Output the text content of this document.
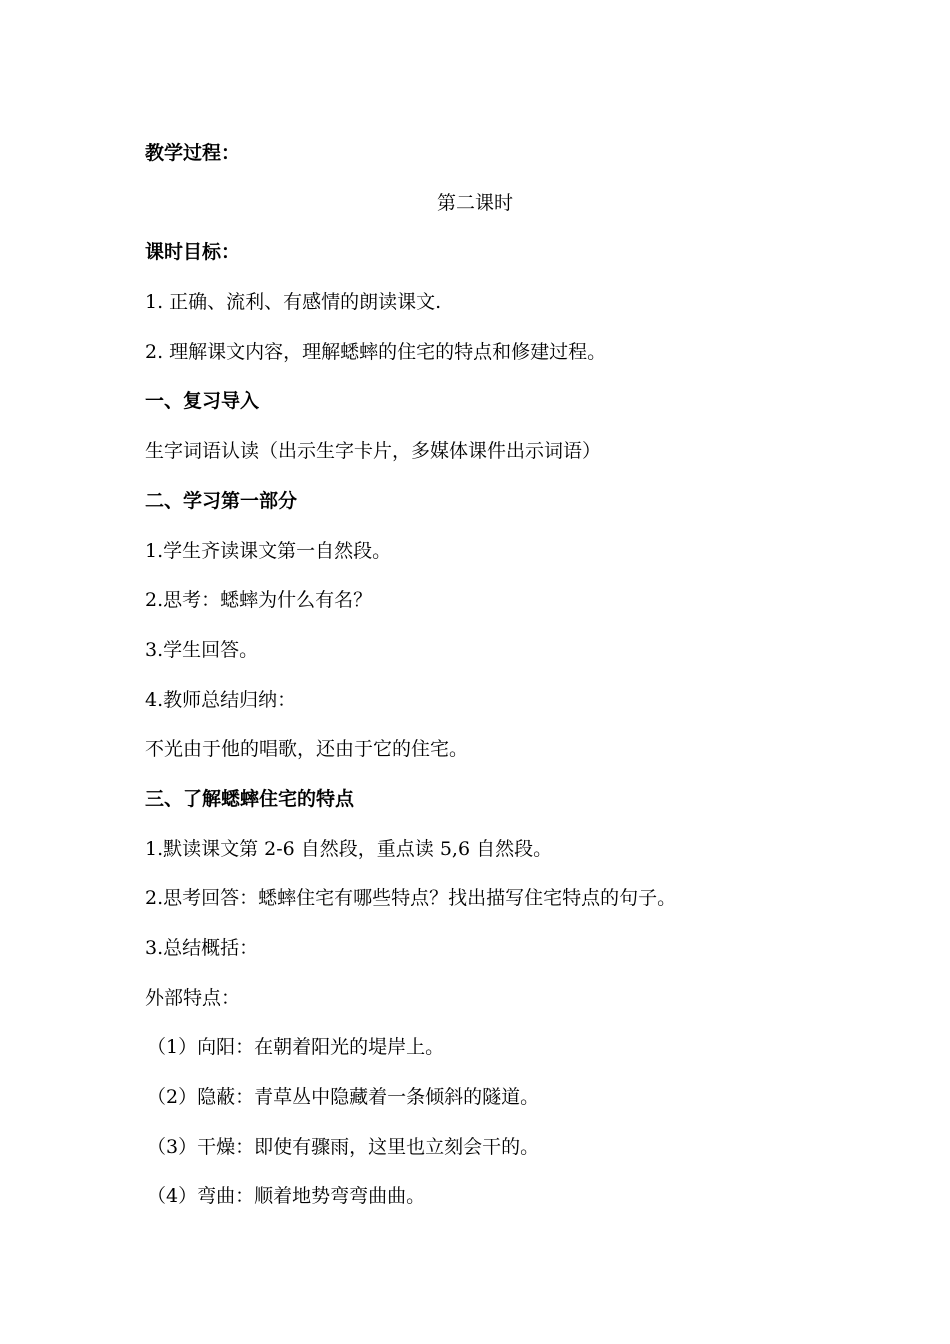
教学过程：
第二课时
课时目标：
1. 正确、流利、有感情的朗读课文.
2. 理解课文内容，理解蟋蟀的住宅的特点和修建过程。
一、复习导入
生字词语认读（出示生字卡片，多媒体课件出示词语）
二、学习第一部分
1.学生齐读课文第一自然段。
2.思考：蟋蟀为什么有名？
3.学生回答。
4.教师总结归纳：
不光由于他的唱歌，还由于它的住宅。
三、了解蟋蟀住宅的特点
1.默读课文第 2-6 自然段，重点读 5,6 自然段。
2.思考回答：蟋蟀住宅有哪些特点？找出描写住宅特点的句子。
3.总结概括：
外部特点：
（1）向阳：在朝着阳光的堤岸上。
（2）隐蔽：青草丛中隐藏着一条倾斜的隧道。
（3）干燥：即使有骤雨，这里也立刻会干的。
（4）弯曲：顺着地势弯弯曲曲。
